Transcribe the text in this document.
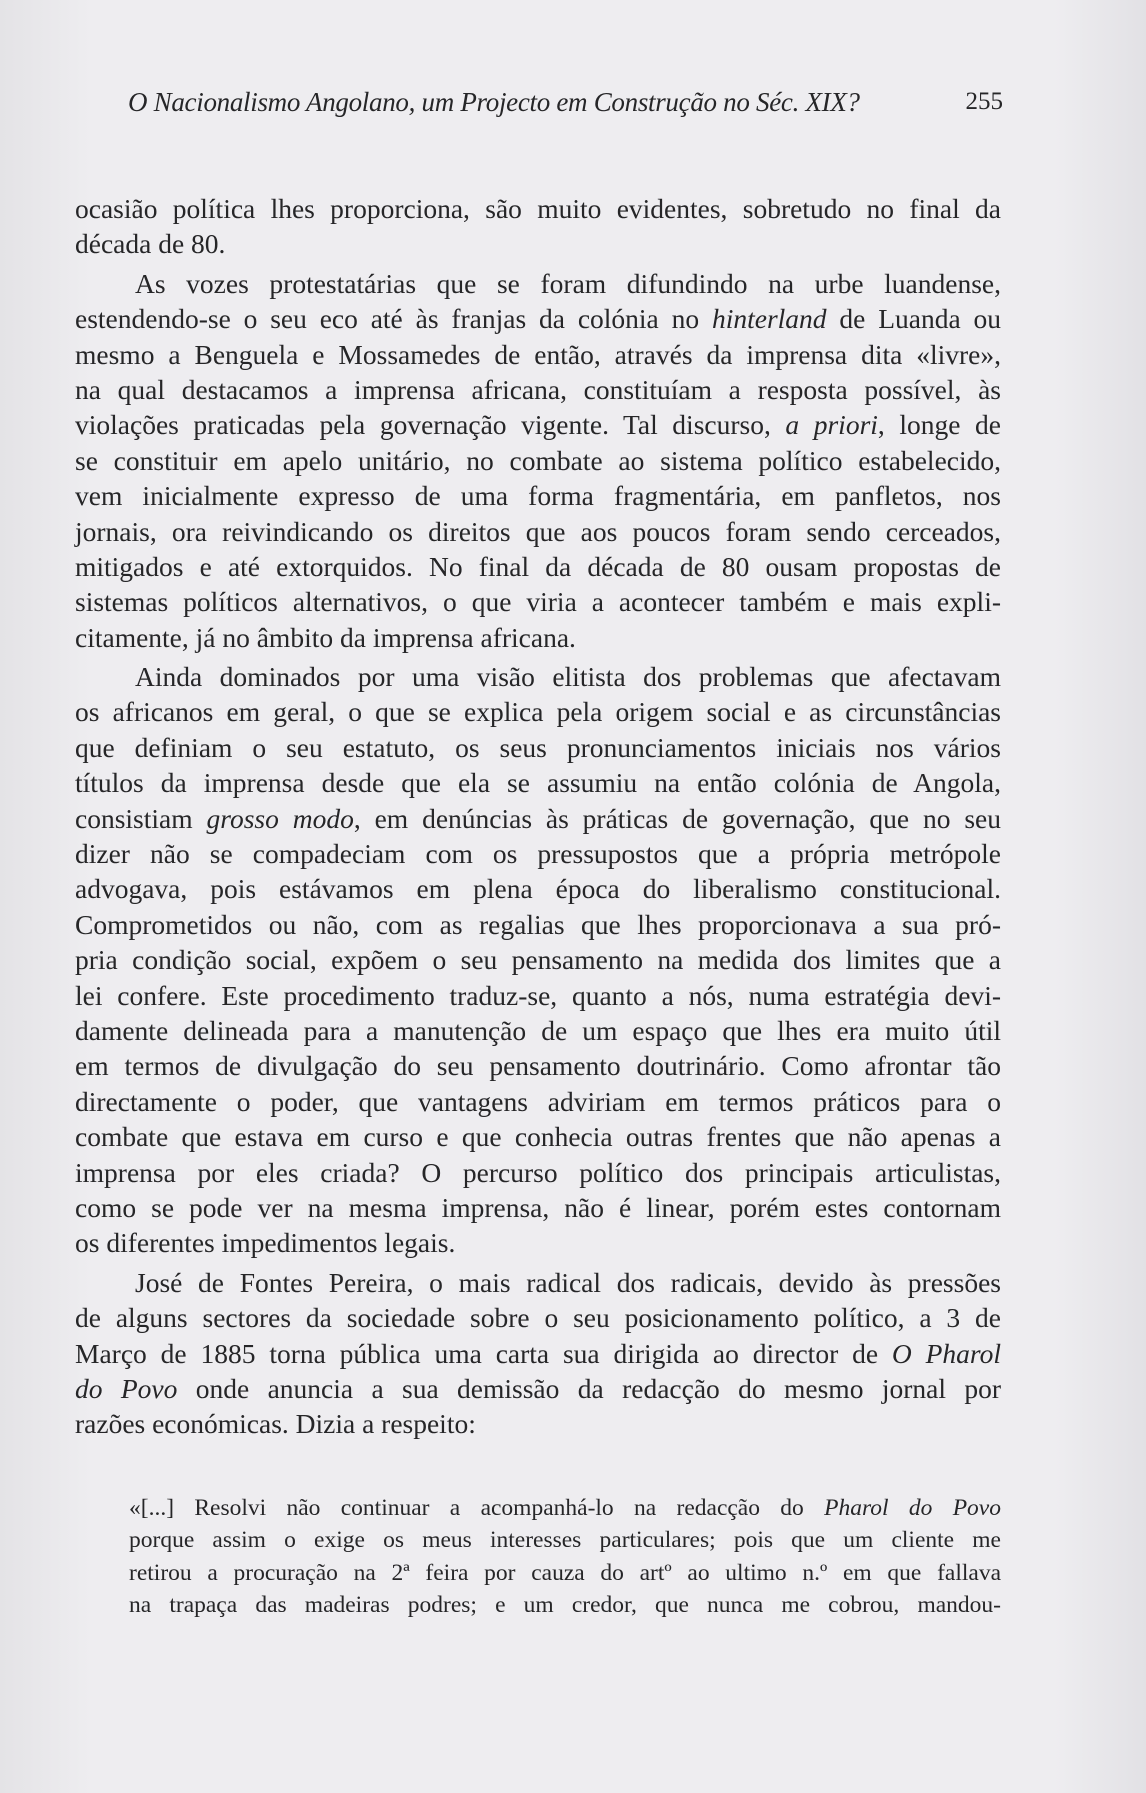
O Nacionalismo Angolano, um Projecto em Construção no Séc. XIX?	255
ocasião política lhes proporciona, são muito evidentes, sobretudo no final da
década de 80.
As vozes protestatárias que se foram difundindo na urbe luandense,
estendendo-se o seu eco até às franjas da colónia no hinterland de Luanda ou
mesmo a Benguela e Mossamedes de então, através da imprensa dita «livre»,
na qual destacamos a imprensa africana, constituíam a resposta possível, às
violações praticadas pela governação vigente. Tal discurso, a priori, longe de
se constituir em apelo unitário, no combate ao sistema político estabelecido,
vem inicialmente expresso de uma forma fragmentária, em panfletos, nos
jornais, ora reivindicando os direitos que aos poucos foram sendo cerceados,
mitigados e até extorquidos. No final da década de 80 ousam propostas de
sistemas políticos alternativos, o que viria a acontecer também e mais expli-
citamente, já no âmbito da imprensa africana.
Ainda dominados por uma visão elitista dos problemas que afectavam
os africanos em geral, o que se explica pela origem social e as circunstâncias
que definiam o seu estatuto, os seus pronunciamentos iniciais nos vários
títulos da imprensa desde que ela se assumiu na então colónia de Angola,
consistiam grosso modo, em denúncias às práticas de governação, que no seu
dizer não se compadeciam com os pressupostos que a própria metrópole
advogava, pois estávamos em plena época do liberalismo constitucional.
Comprometidos ou não, com as regalias que lhes proporcionava a sua pró-
pria condição social, expõem o seu pensamento na medida dos limites que a
lei confere. Este procedimento traduz-se, quanto a nós, numa estratégia devi-
damente delineada para a manutenção de um espaço que lhes era muito útil
em termos de divulgação do seu pensamento doutrinário. Como afrontar tão
directamente o poder, que vantagens adviriam em termos práticos para o
combate que estava em curso e que conhecia outras frentes que não apenas a
imprensa por eles criada? O percurso político dos principais articulistas,
como se pode ver na mesma imprensa, não é linear, porém estes contornam
os diferentes impedimentos legais.
José de Fontes Pereira, o mais radical dos radicais, devido às pressões
de alguns sectores da sociedade sobre o seu posicionamento político, a 3 de
Março de 1885 torna pública uma carta sua dirigida ao director de O Pharol
do Povo onde anuncia a sua demissão da redacção do mesmo jornal por
razões económicas. Dizia a respeito:
«[...] Resolvi não continuar a acompanhá-lo na redacção do Pharol do Povo
porque assim o exige os meus interesses particulares; pois que um cliente me
retirou a procuração na 2ª feira por cauza do artº ao ultimo n.º em que fallava
na trapaça das madeiras podres; e um credor, que nunca me cobrou, mandou-
